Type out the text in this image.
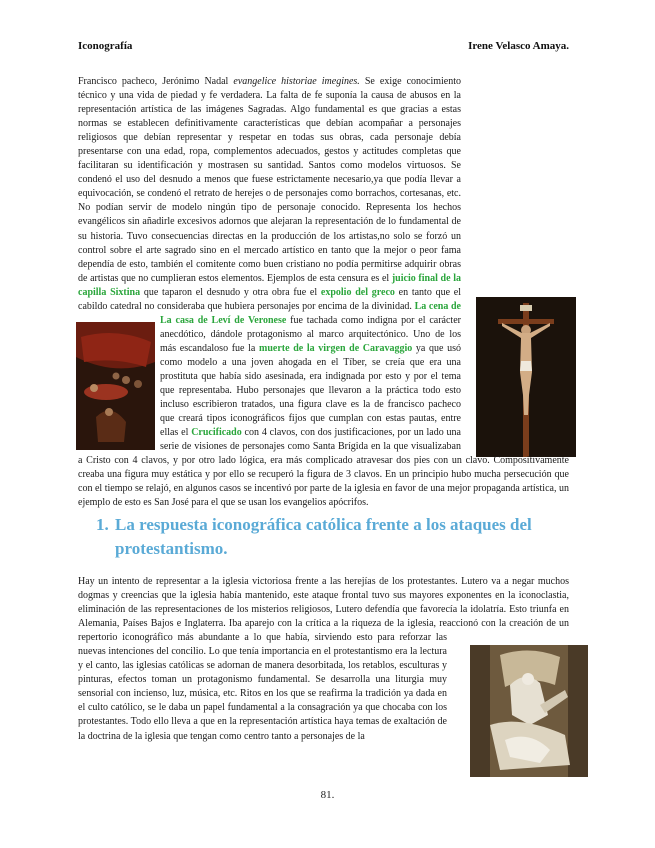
Iconografía	Irene Velasco Amaya.

Francisco pacheco, Jerónimo Nadal evangelice historiae imegines. Se exige conocimiento técnico y una vida de piedad y fe verdadera. La falta de fe suponía la causa de abusos en la representación artística de las imágenes Sagradas. Algo fundamental es que gracias a estas normas se establecen definitivamente características que debían acompañar a personajes religiosos que debían representar y respetar en todas sus obras, cada personaje debía presentarse con una edad, ropa, complementos adecuados, gestos y actitudes completas que facilitaran su identificación y mostrasen su santidad. Santos como modelos virtuosos. Se condenó el uso del desnudo a menos que fuese estrictamente necesario,ya que podía llevar a equivocación, se condenó el retrato de herejes o de personajes como borrachos, cortesanas, etc. No podían servir de modelo ningún tipo de personaje conocido. Representa los hechos evangélicos sin añadirle excesivos adornos que alejaran la representación de lo fundamental de su historia. Tuvo consecuencias directas en la producción de los artistas,no solo se forzó un control sobre el arte sagrado sino en el mercado artístico en tanto que la mejor o peor fama dependía de esto, también el comitente como buen cristiano no podía permitirse adquirir obras de artistas que no cumplieran estos elementos. Ejemplos de esta censura es el juicio final de la capilla Sixtina que taparon el desnudo y otra obra fue el expolio del greco en tanto que el cabildo catedral no consideraba que hubiera personajes por encima de la divinidad. La cena de La casa de Leví de Veronese fue tachada como indigna por el carácter anecdótico, dándole protagonismo al marco arquitectónico. Uno de los más escandaloso fue la muerte de la virgen de Caravaggio ya que usó como modelo a una joven ahogada en el Tíber, se creía que era una prostituta que había sido asesinada, era indignada por esto y por el tema que representaba. Hubo personajes que llevaron a la práctica todo esto incluso escribieron tratados, una figura clave es la de francisco pacheco que creará tipos iconográficos fijos que cumplan con estas pautas, entre ellas el Crucificado con 4 clavos, con dos justificaciones, por un lado una serie de visiones de personajes como Santa Brígida en la que visualizaban a Cristo con 4 clavos, y por otro lado lógica, era más complicado atravesar dos pies con un clavo. Compositivamente creaba una figura muy estática y por ello se recuperó la figura de 3 clavos. En un principio hubo mucha persecución que con el tiempo se relajó, en algunos casos se incentivó por parte de la iglesia en favor de una mejor propaganda artística, un ejemplo de esto es San José para el que se usan los evangelios apócrifos.

1. La respuesta iconográfica católica frente a los ataques del
protestantismo.

Hay un intento de representar a la iglesia victoriosa frente a las herejías de los protestantes. Lutero va a negar muchos dogmas y creencias que la iglesia había mantenido, este ataque frontal tuvo sus mayores exponentes en la iconoclastia, eliminación de las representaciones de los misterios religiosos, Lutero defendía que favorecía la idolatría. Esto triunfa en Alemania, Países Bajos e Inglaterra. Iba aparejo con la crítica a la riqueza de la iglesia, reaccionó con la creación de un repertorio iconográfico más abundante a lo que había, sirviendo esto para reforzar las nuevas intenciones del concilio. Lo que tenía importancia en el protestantismo era la lectura y el canto, las iglesias católicas se adornan de manera desorbitada, los retablos, esculturas y pinturas, efectos toman un protagonismo fundamental. Se desarrolla una liturgia muy sensorial con incienso, luz, música, etc. Ritos en los que se reafirma la tradición ya dada en el culto católico, se le daba un papel fundamental a la consagración ya que chocaba con los protestantes. Todo ello lleva a que en la representación artística haya temas de exaltación de la doctrina de la iglesia que tengan como centro tanto a personajes de la

81.
